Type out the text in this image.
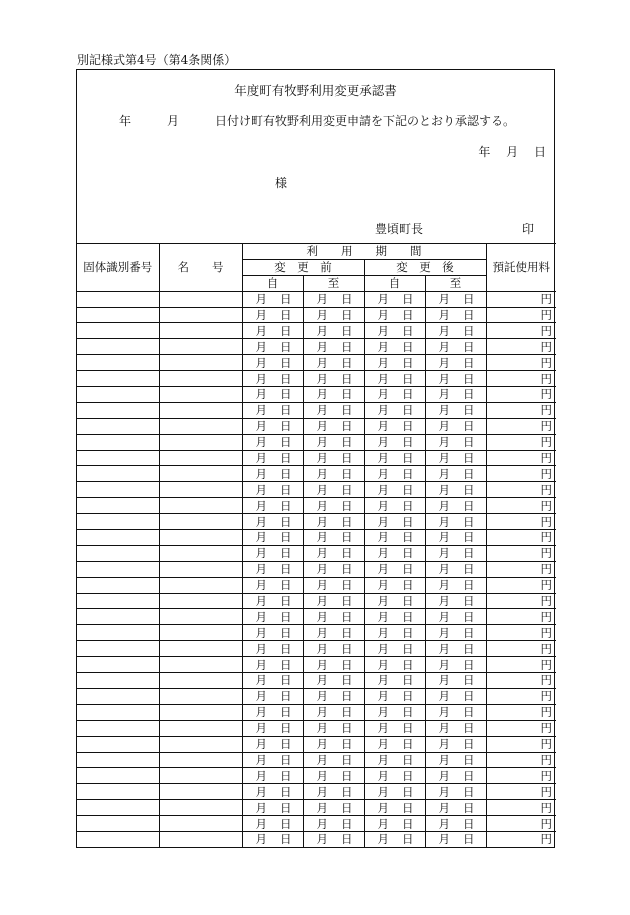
別記様式第4号（第4条関係）
年度町有牧野利用変更承認書
年　　　月　　　日付け町有牧野利用変更申請を下記のとおり承認する。
年　 月　 日
様
豊頃町長	印
固体識別番号	名　　号	利　　用　　期　　間				預託使用料
		変　更　前		変　更　後		
		自	至	自	至	

		月 日	月 日	月 日	月 日	円

		月 日	月 日	月 日	月 日	円

		月 日	月 日	月 日	月 日	円

		月 日	月 日	月 日	月 日	円

		月 日	月 日	月 日	月 日	円

		月 日	月 日	月 日	月 日	円

		月 日	月 日	月 日	月 日	円

		月 日	月 日	月 日	月 日	円

		月 日	月 日	月 日	月 日	円

		月 日	月 日	月 日	月 日	円

		月 日	月 日	月 日	月 日	円

		月 日	月 日	月 日	月 日	円

		月 日	月 日	月 日	月 日	円

		月 日	月 日	月 日	月 日	円

		月 日	月 日	月 日	月 日	円

		月 日	月 日	月 日	月 日	円

		月 日	月 日	月 日	月 日	円

		月 日	月 日	月 日	月 日	円

		月 日	月 日	月 日	月 日	円

		月 日	月 日	月 日	月 日	円

		月 日	月 日	月 日	月 日	円

		月 日	月 日	月 日	月 日	円

		月 日	月 日	月 日	月 日	円

		月 日	月 日	月 日	月 日	円

		月 日	月 日	月 日	月 日	円

		月 日	月 日	月 日	月 日	円

		月 日	月 日	月 日	月 日	円

		月 日	月 日	月 日	月 日	円

		月 日	月 日	月 日	月 日	円

		月 日	月 日	月 日	月 日	円

		月 日	月 日	月 日	月 日	円

		月 日	月 日	月 日	月 日	円

		月 日	月 日	月 日	月 日	円

		月 日	月 日	月 日	月 日	円

		月 日	月 日	月 日	月 日	円
